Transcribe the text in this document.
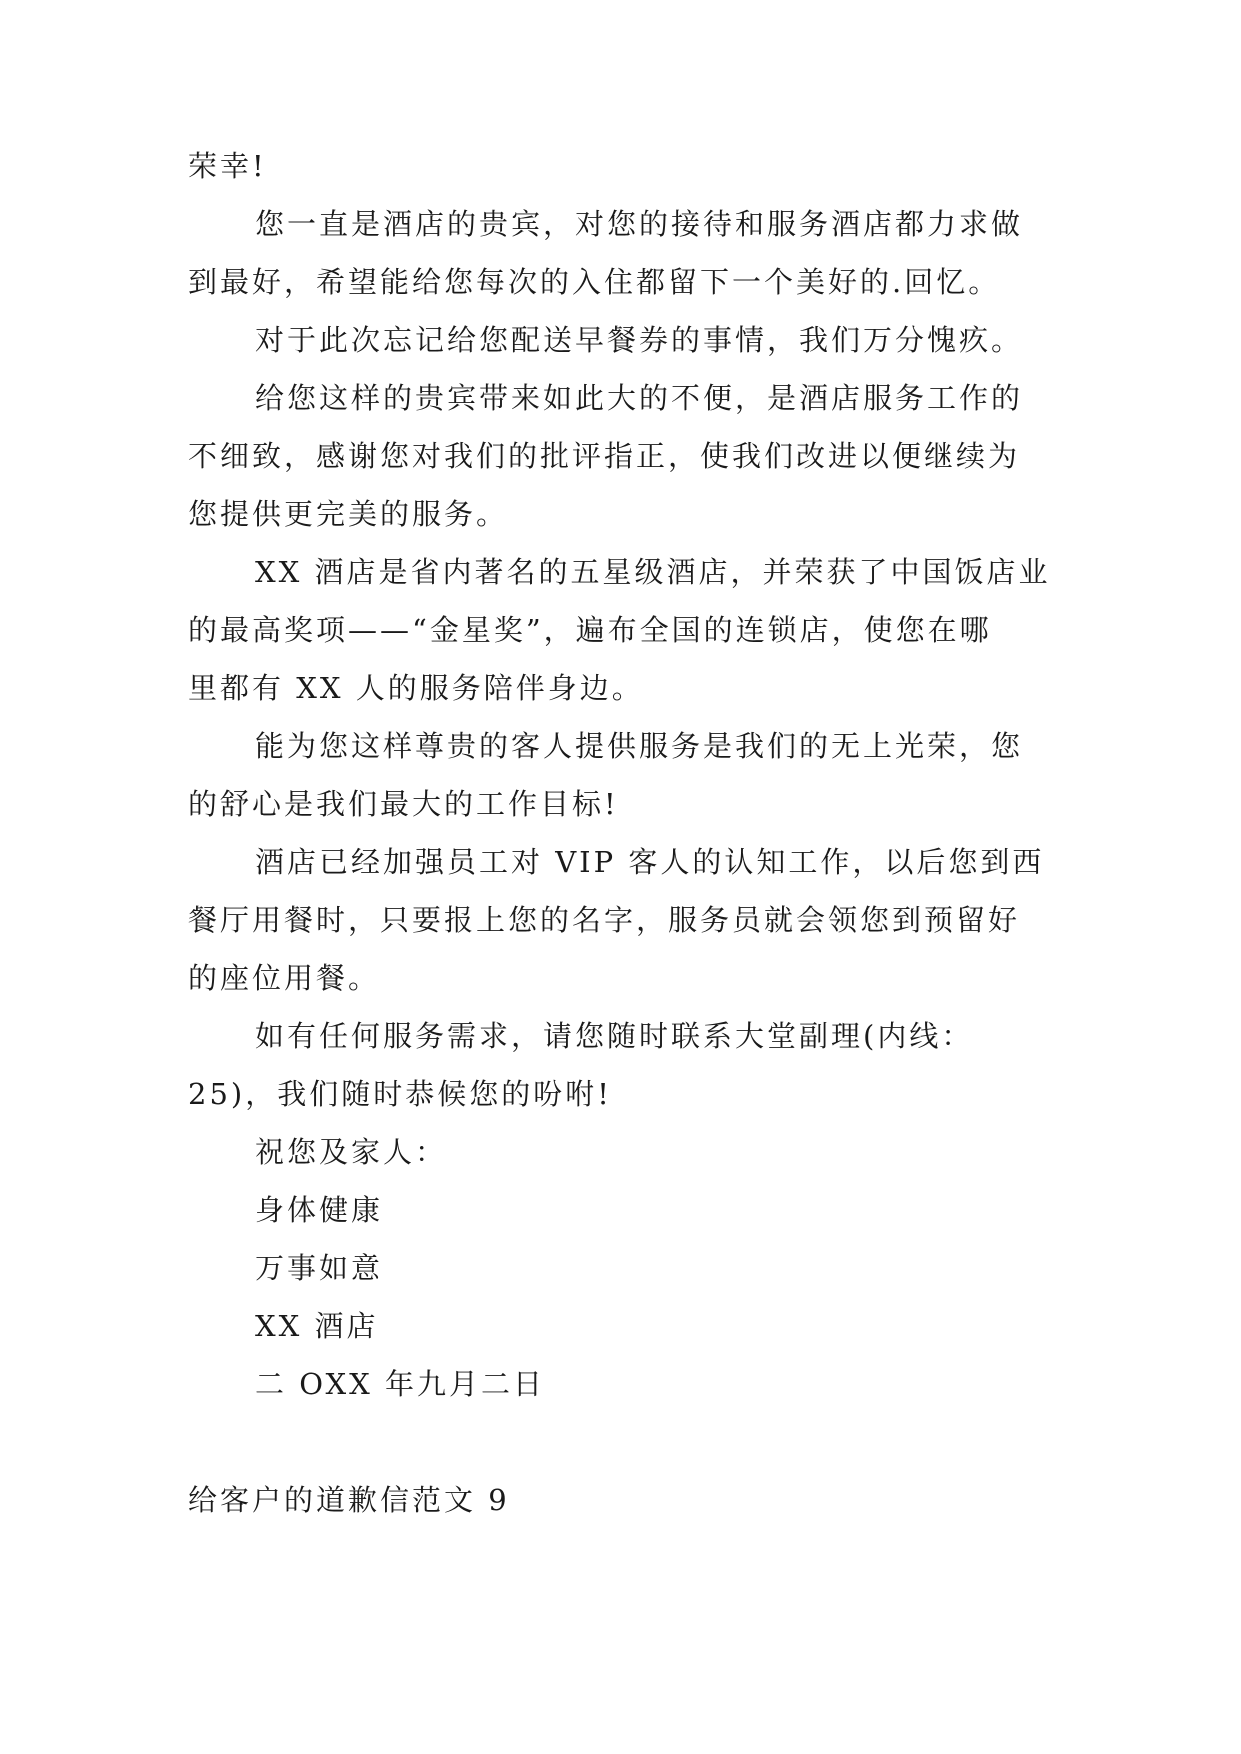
荣幸!
您一直是酒店的贵宾，对您的接待和服务酒店都力求做
到最好，希望能给您每次的入住都留下一个美好的.回忆。
对于此次忘记给您配送早餐券的事情，我们万分愧疚。
给您这样的贵宾带来如此大的不便，是酒店服务工作的
不细致，感谢您对我们的批评指正，使我们改进以便继续为
您提供更完美的服务。
XX 酒店是省内著名的五星级酒店，并荣获了中国饭店业
的最高奖项——“金星奖”，遍布全国的连锁店，使您在哪
里都有 XX 人的服务陪伴身边。
能为您这样尊贵的客人提供服务是我们的无上光荣，您
的舒心是我们最大的工作目标!
酒店已经加强员工对 VIP 客人的认知工作，以后您到西
餐厅用餐时，只要报上您的名字，服务员就会领您到预留好
的座位用餐。
如有任何服务需求，请您随时联系大堂副理(内线：
25)，我们随时恭候您的吩咐!
祝您及家人：
身体健康
万事如意
XX 酒店
二 OXX 年九月二日
给客户的道歉信范文 9
